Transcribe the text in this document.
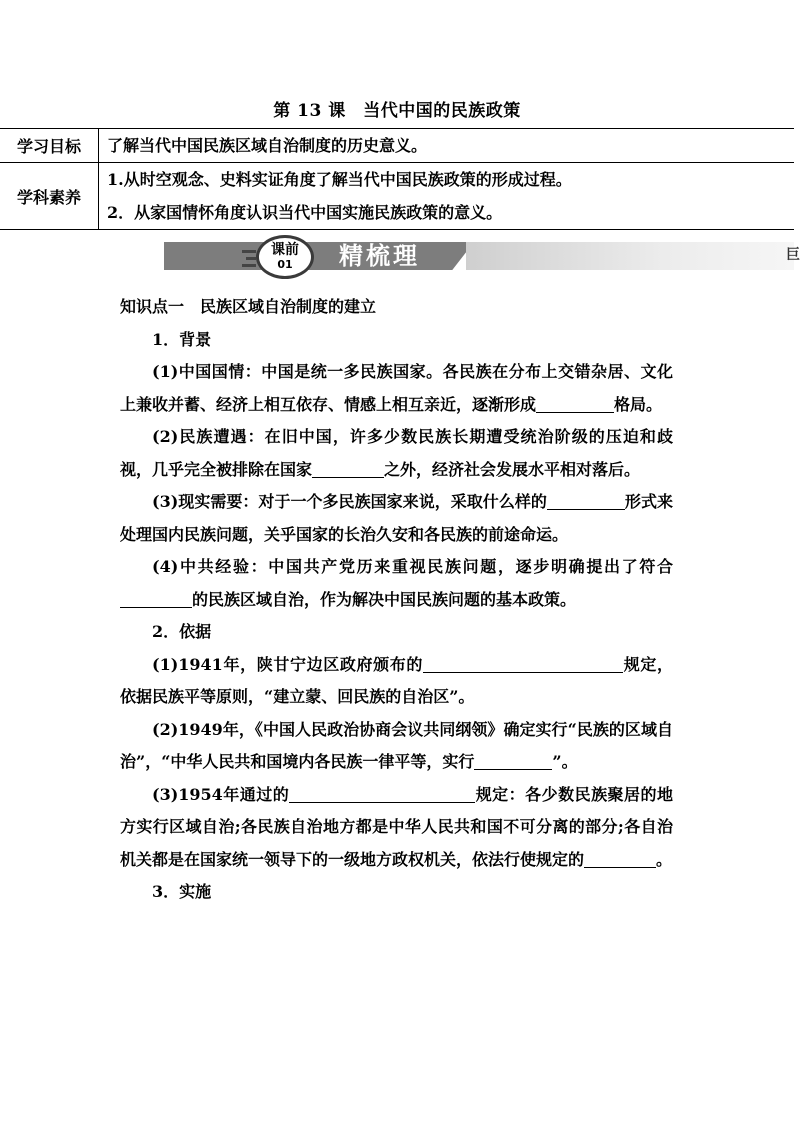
第 13 课　当代中国的民族政策
学习目标	了解当代中国民族区域自治制度的历史意义。

学科素养	1.从时空观念、史料实证角度了解当代中国民族政策的形成过程。
2．从家国情怀角度认识当代中国实施民族政策的意义。
课前
01	精梳理	巨

知识点一　民族区域自治制度的建立

1．背景

(1)中国国情：中国是统一多民族国家。各民族在分布上交错杂居、文化上兼收并蓄、经济上相互依存、情感上相互亲近，逐渐形成	格局。

(2)民族遭遇：在旧中国，许多少数民族长期遭受统治阶级的压迫和歧视，几乎完全被排除在国家	之外，经济社会发展水平相对落后。

(3)现实需要：对于一个多民族国家来说，采取什么样的	形式来处理国内民族问题，关乎国家的长治久安和各民族的前途命运。

(4)中共经验：中国共产党历来重视民族问题，逐步明确提出了符合的民族区域自治，作为解决中国民族问题的基本政策。

2．依据

(1)1941年，陕甘宁边区政府颁布的	规定，依据民族平等原则，“建立蒙、回民族的自治区”。

(2)1949年，《中国人民政治协商会议共同纲领》确定实行“民族的区域自治”，“中华人民共和国境内各民族一律平等，实行	”。

(3)1954年通过的	规定：各少数民族聚居的地方实行区域自治;各民族自治地方都是中华人民共和国不可分离的部分;各自治机关都是在国家统一领导下的一级地方政权机关，依法行使规定的	。

3．实施
